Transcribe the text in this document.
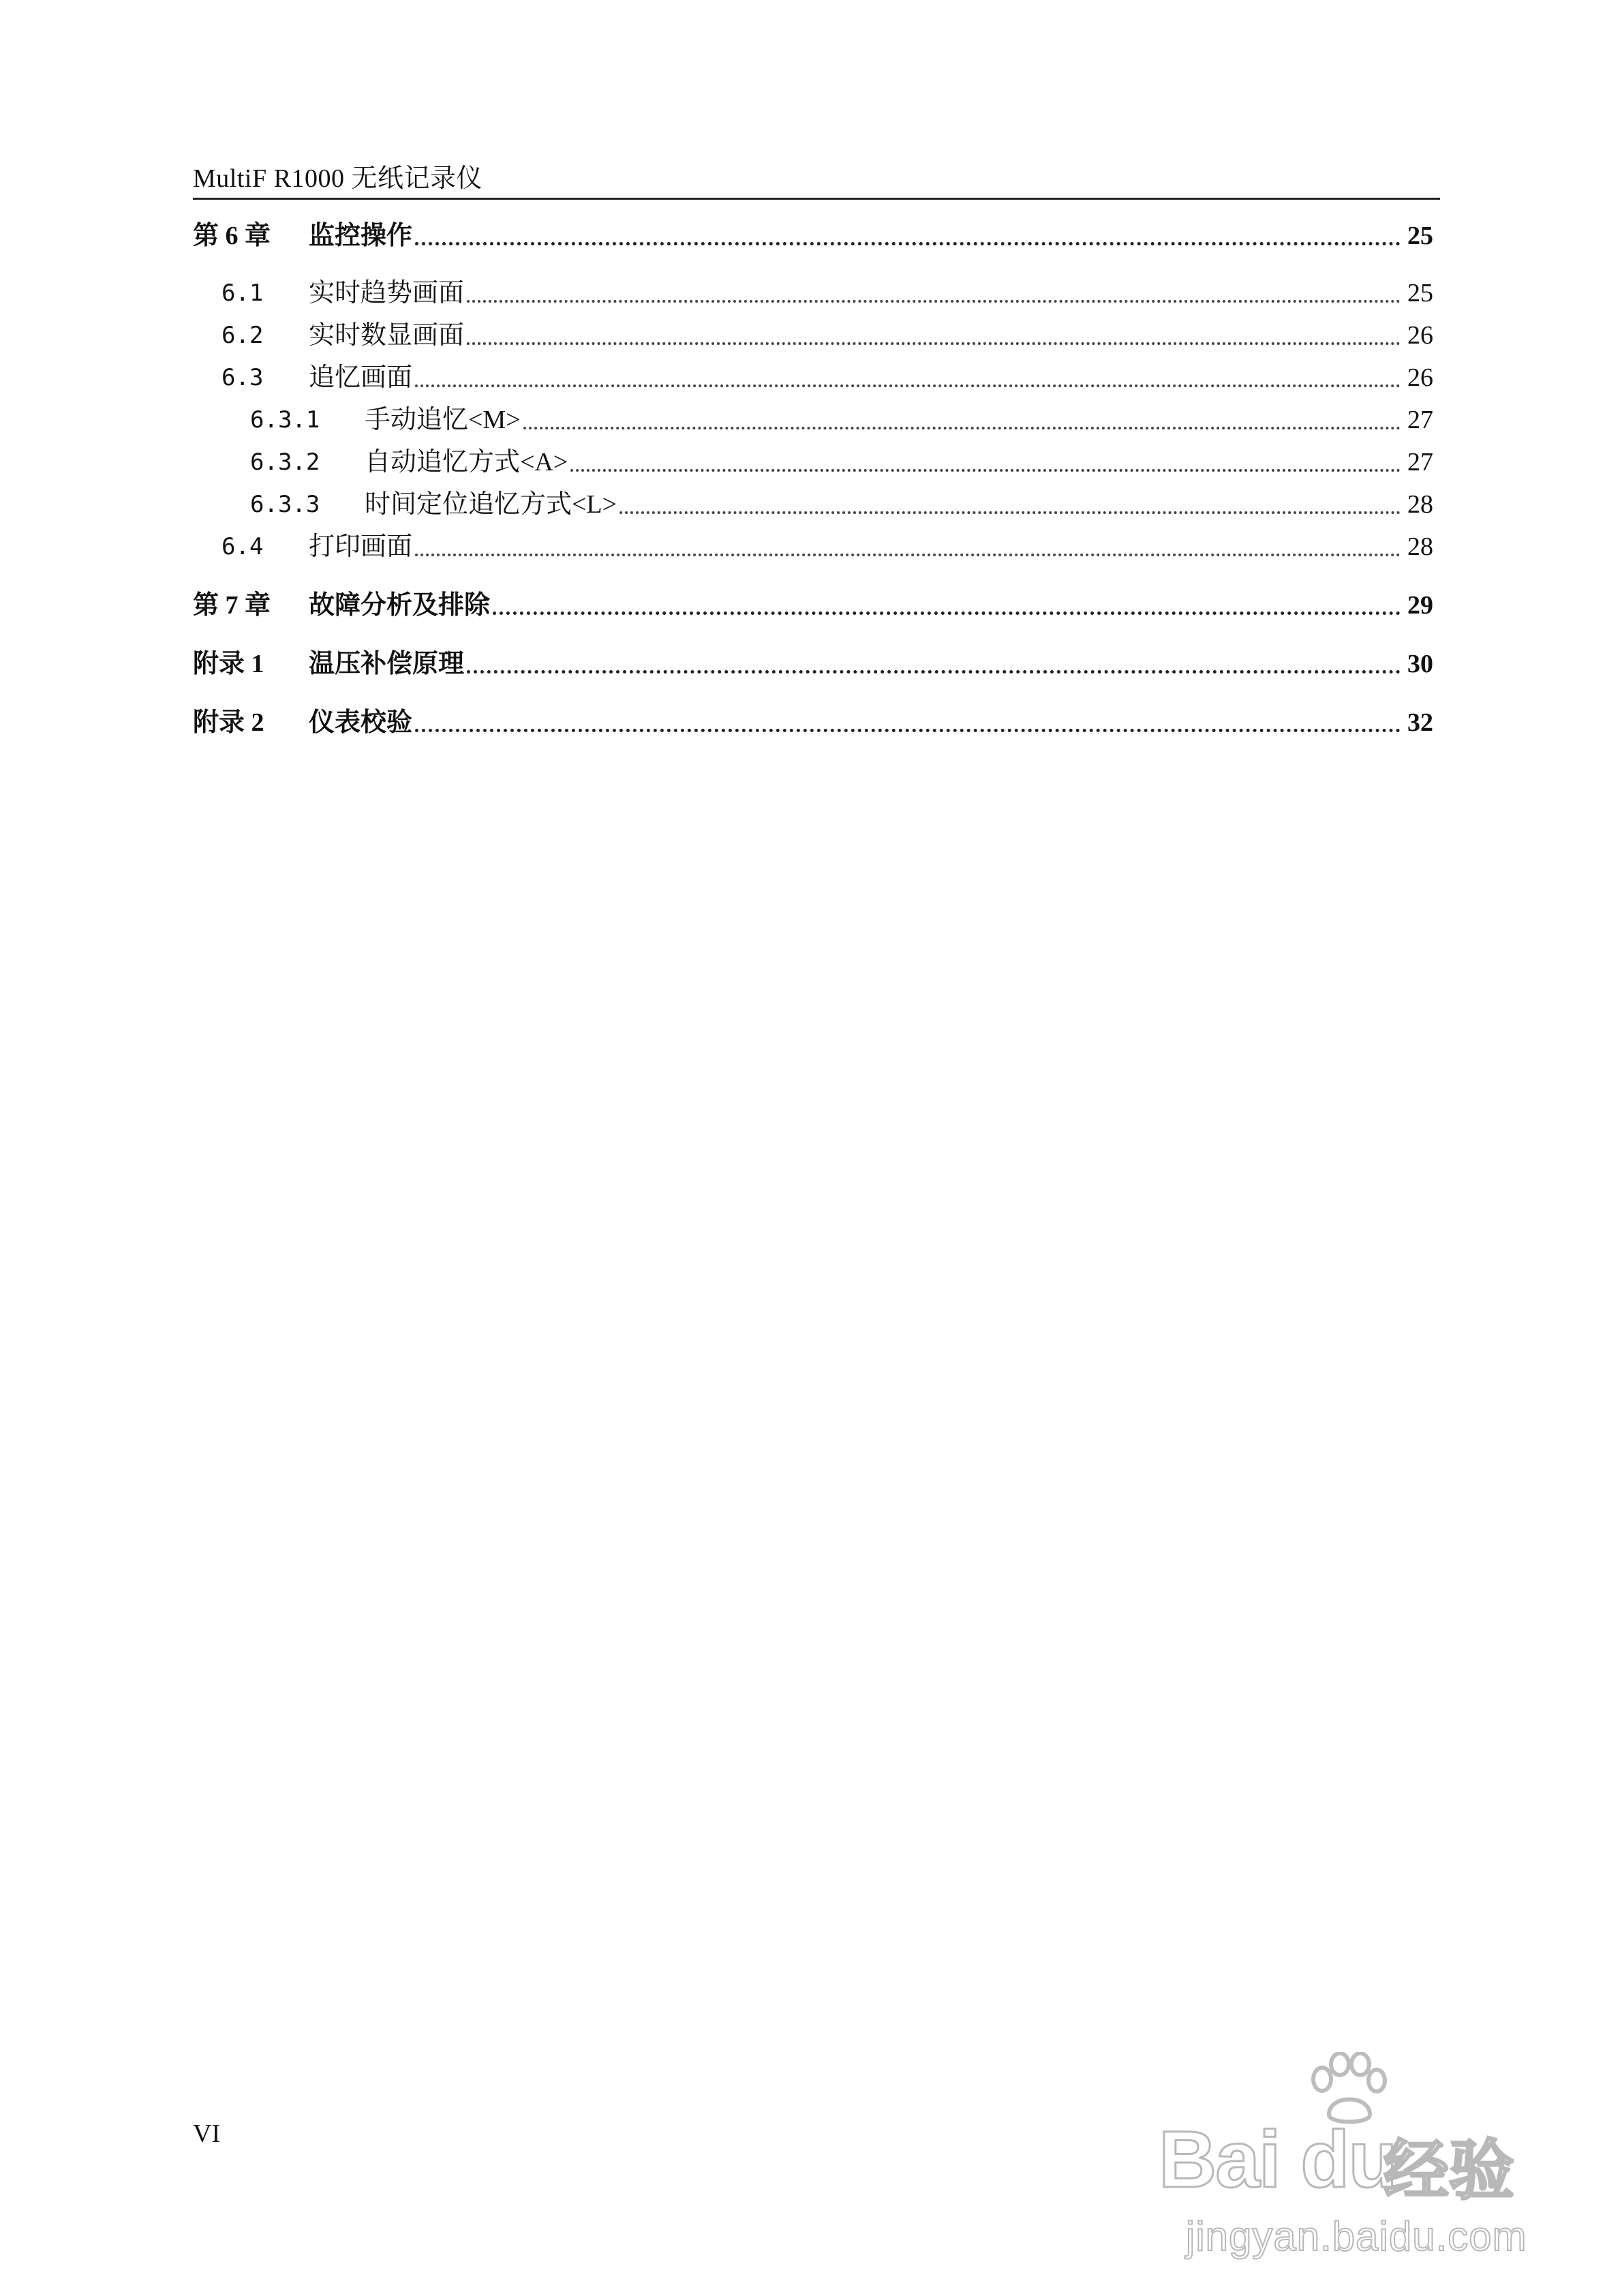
MultiF R1000 无纸记录仪
第 6 章	监控操作	25
6.1	实时趋势画面	25
6.2	实时数显画面	26
6.3	追忆画面	26
6.3.1	手动追忆<M>	27
6.3.2	自动追忆方式<A>	27
6.3.3	时间定位追忆方式<L>	28
6.4	打印画面	28
第 7 章	故障分析及排除	29
附录 1	温压补偿原理	30
附录 2	仪表校验	32
VI	Bai du
经验
jingyan.baidu.com
